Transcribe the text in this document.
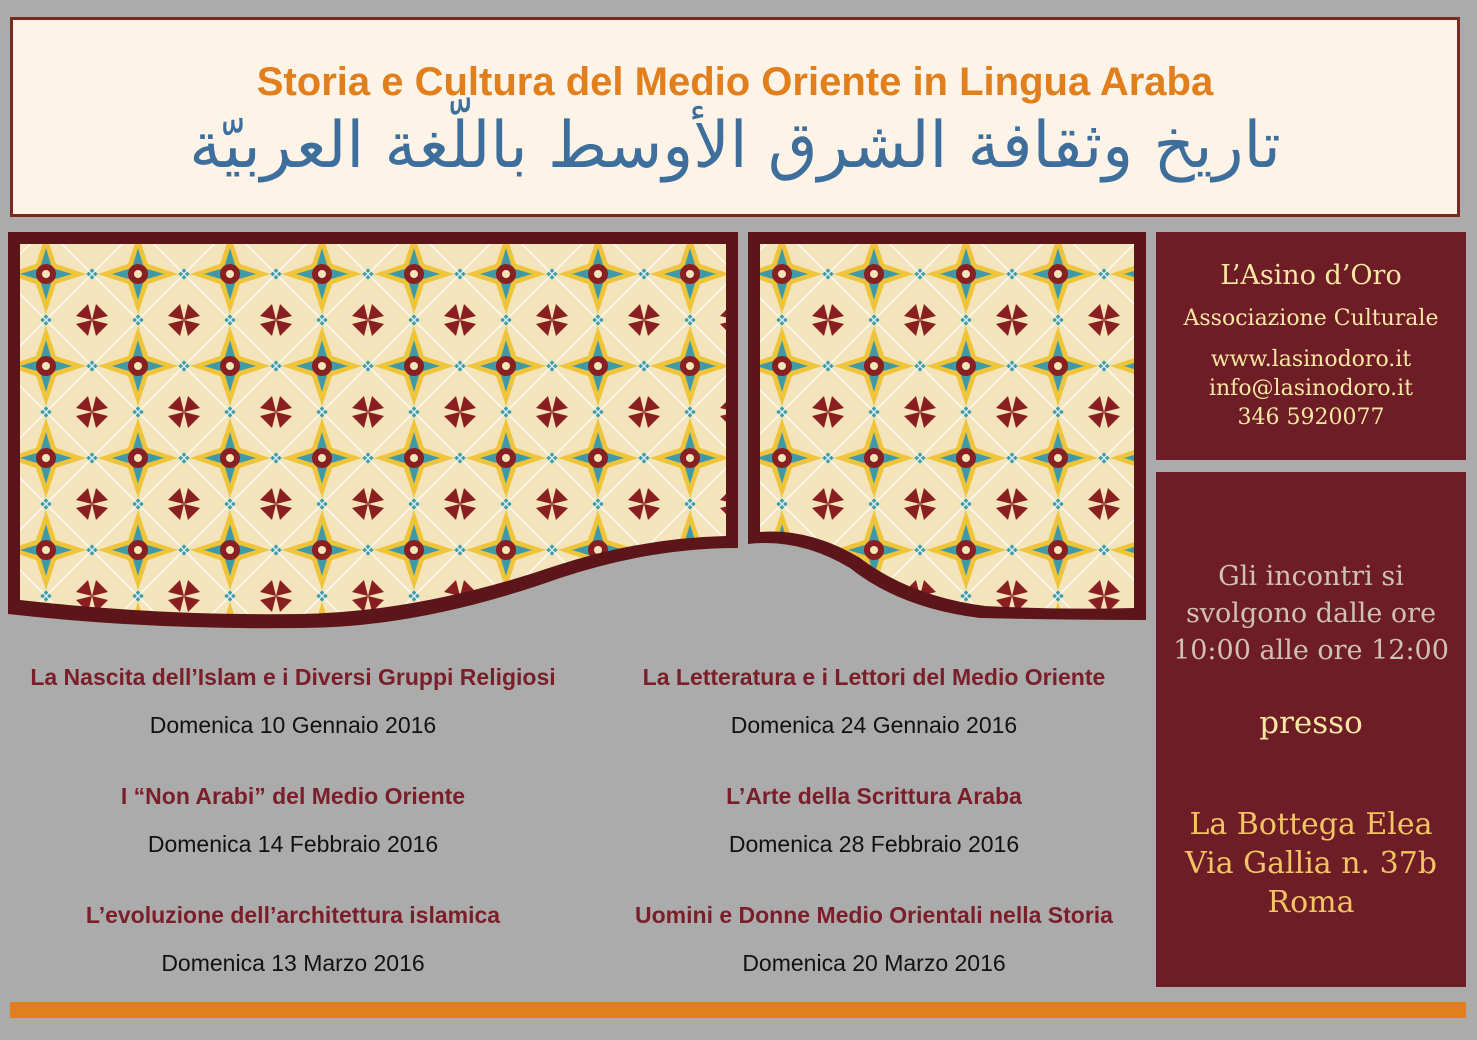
Storia e Cultura del Medio Oriente in Lingua Araba
تاريخ وثقافة الشرق الأوسط باللّغة العربيّة
L’Asino d’Oro
Associazione Culturale
www.lasinodoro.it
info@lasinodoro.it
346 5920077
Gli incontri si
svolgono dalle ore
10:00 alle ore 12:00
presso
La Bottega Elea
Via Gallia n. 37b
Roma
La Nascita dell’Islam e i Diversi Gruppi Religiosi
Domenica 10 Gennaio 2016
La Letteratura e i Lettori del Medio Oriente
Domenica 24 Gennaio 2016
I “Non Arabi” del Medio Oriente
Domenica 14 Febbraio 2016
L’Arte della Scrittura Araba
Domenica 28 Febbraio 2016
L’evoluzione dell’architettura islamica
Domenica 13 Marzo 2016
Uomini e Donne Medio Orientali nella Storia
Domenica 20 Marzo 2016
